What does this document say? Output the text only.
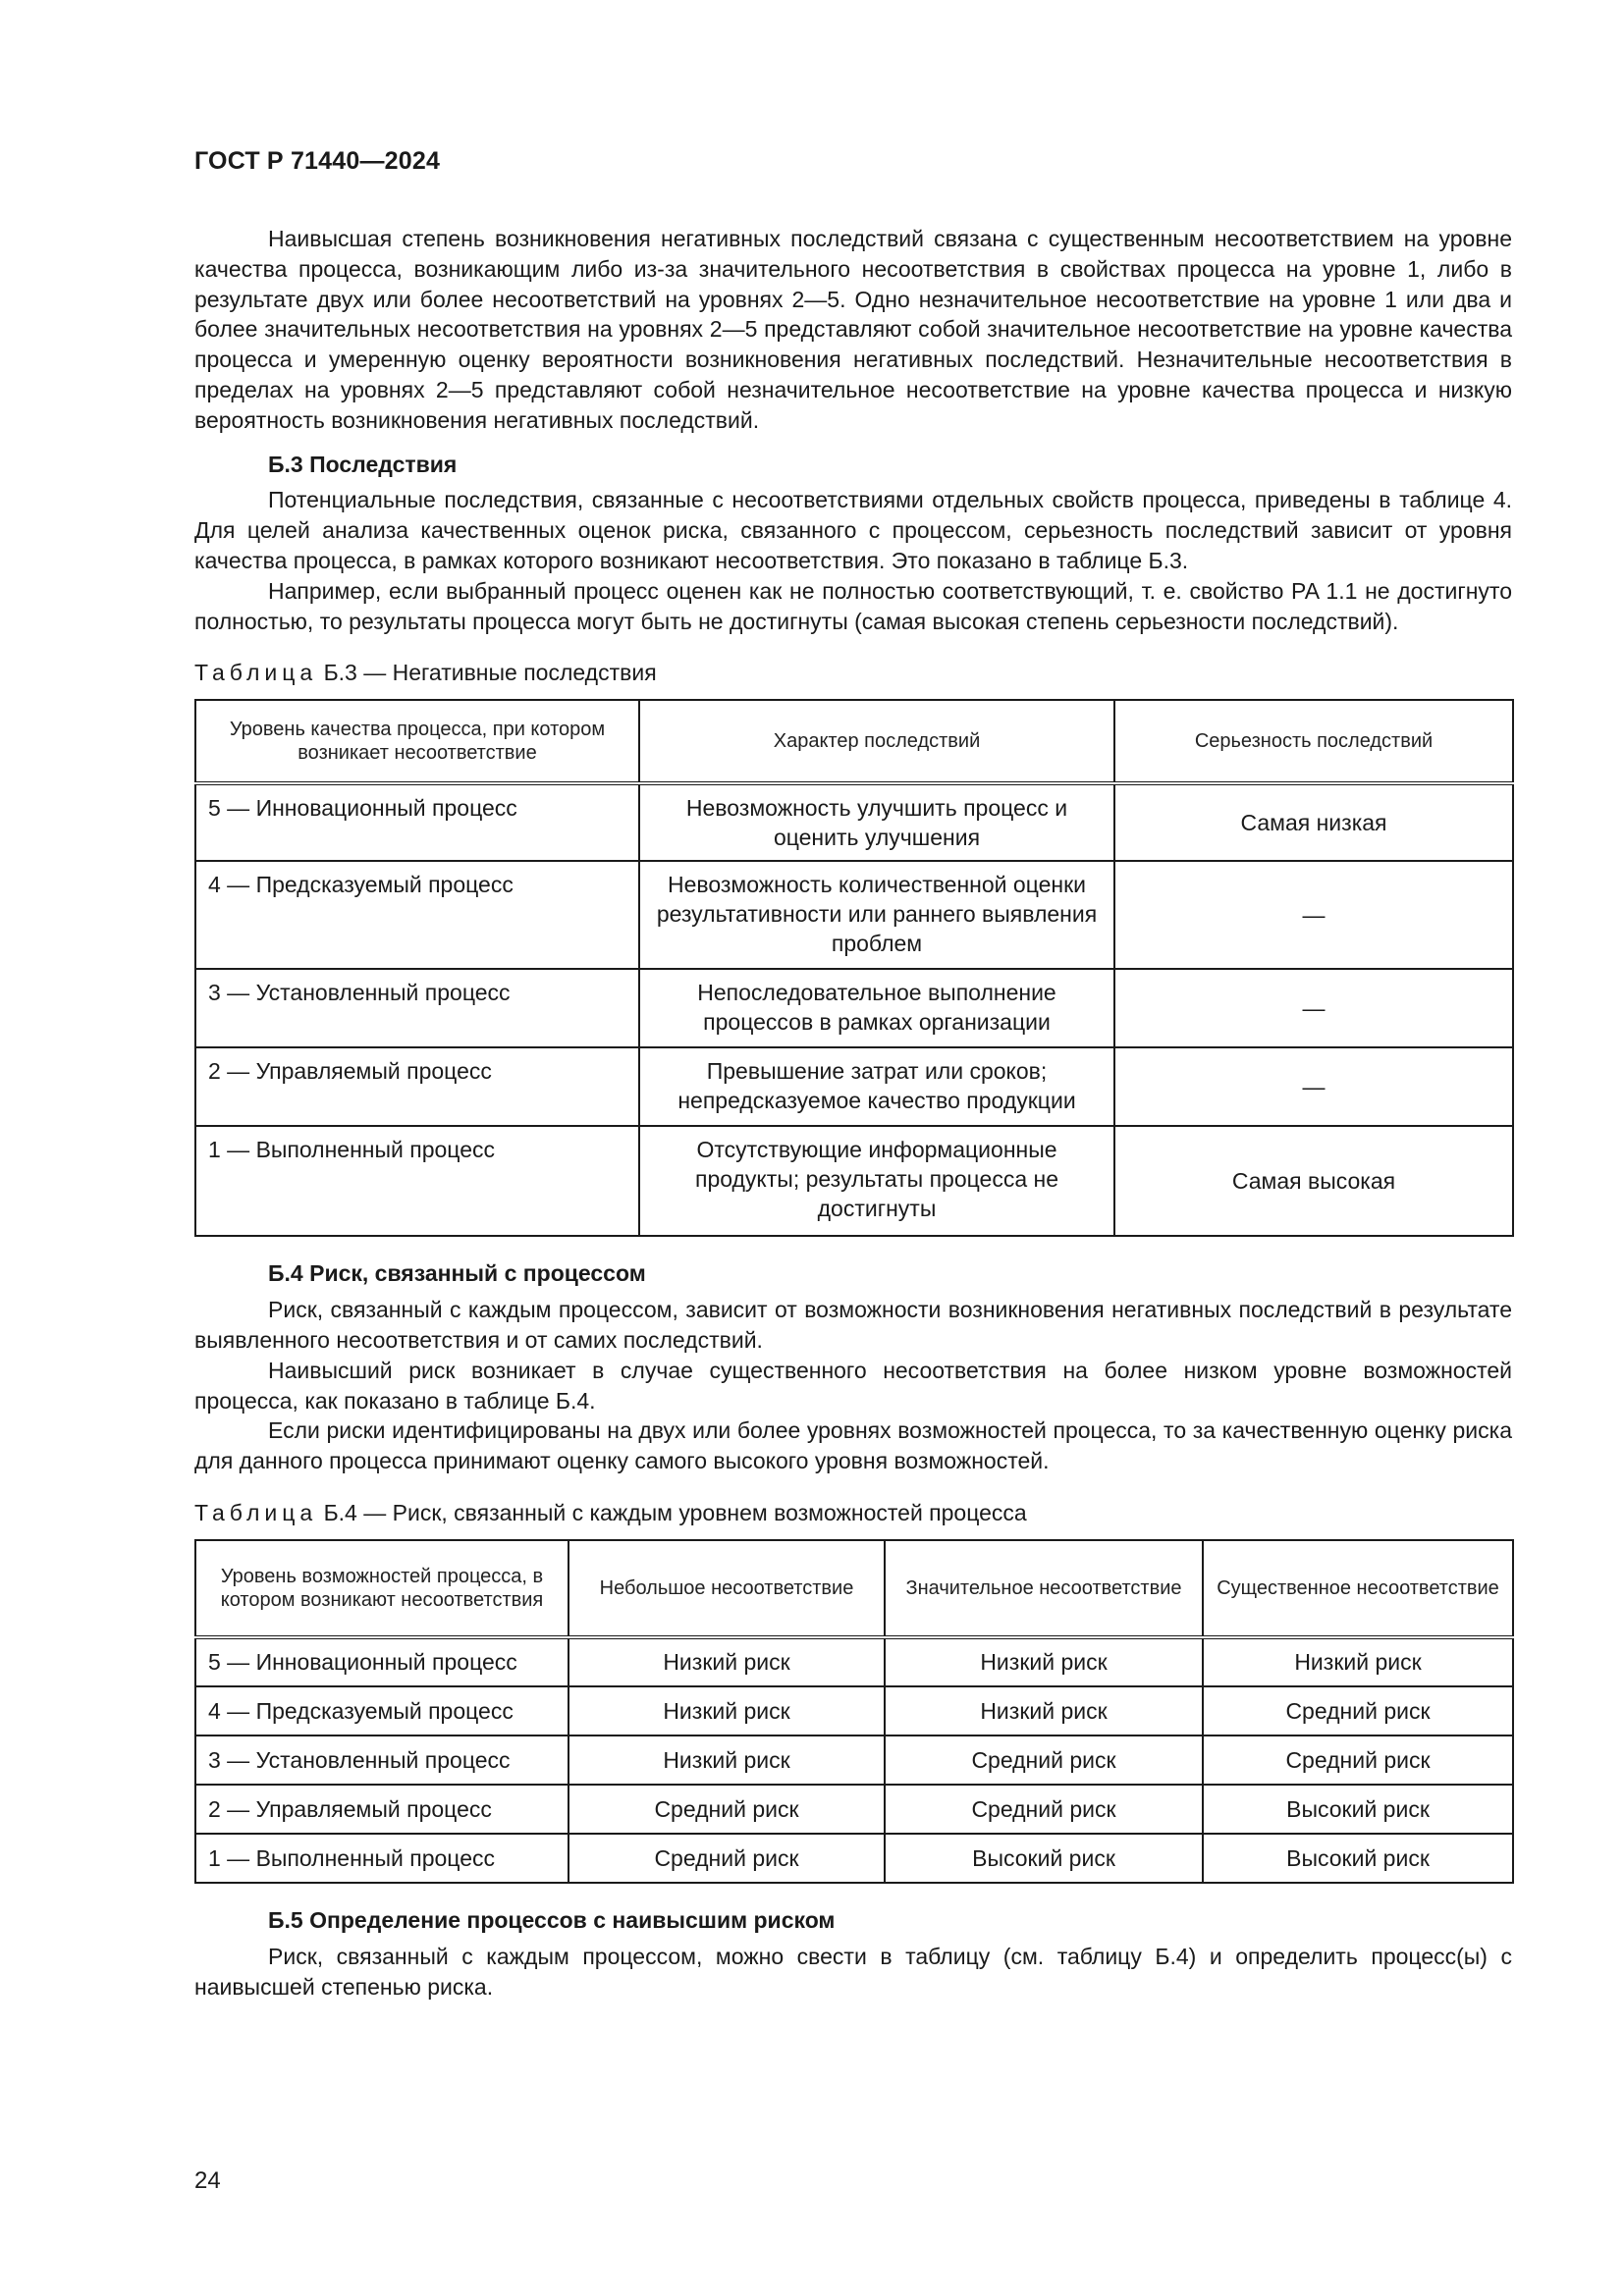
ГОСТ Р 71440—2024

Наивысшая степень возникновения негативных последствий связана с существенным несоответствием на уровне качества процесса, возникающим либо из-за значительного несоответствия в свойствах процесса на уровне 1, либо в результате двух или более несоответствий на уровнях 2—5. Одно незначительное несоответствие на уровне 1 или два и более значительных несоответствия на уровнях 2—5 представляют собой значительное несоответствие на уровне качества процесса и умеренную оценку вероятности возникновения негативных последствий. Незначительные несоответствия в пределах на уровнях 2—5 представляют собой незначительное несоответствие на уровне качества процесса и низкую вероятность возникновения негативных последствий.

Б.3 Последствия

Потенциальные последствия, связанные с несоответствиями отдельных свойств процесса, приведены в таблице 4. Для целей анализа качественных оценок риска, связанного с процессом, серьезность последствий зависит от уровня качества процесса, в рамках которого возникают несоответствия. Это показано в таблице Б.3.

Например, если выбранный процесс оценен как не полностью соответствующий, т. е. свойство PA 1.1 не достигнуто полностью, то результаты процесса могут быть не достигнуты (самая высокая степень серьезности последствий).

Таблица Б.3 — Негативные последствия
Уровень качества процесса, при котором возникает несоответствие	Характер последствий	Серьезность последствий
5 — Инновационный процесс	Невозможность улучшить процесс и оценить улучшения	Самая низкая
4 — Предсказуемый процесс	Невозможность количественной оценки результативности или раннего выявления проблем	—
3 — Установленный процесс	Непоследовательное выполнение процессов в рамках организации	—
2 — Управляемый процесс	Превышение затрат или сроков; непредсказуемое качество продукции	—
1 — Выполненный процесс	Отсутствующие информационные продукты; результаты процесса не достигнуты	Самая высокая
Б.4 Риск, связанный с процессом

Риск, связанный с каждым процессом, зависит от возможности возникновения негативных последствий в результате выявленного несоответствия и от самих последствий.

Наивысший риск возникает в случае существенного несоответствия на более низком уровне возможностей процесса, как показано в таблице Б.4.

Если риски идентифицированы на двух или более уровнях возможностей процесса, то за качественную оценку риска для данного процесса принимают оценку самого высокого уровня возможностей.

Таблица Б.4 — Риск, связанный с каждым уровнем возможностей процесса
Уровень возможностей процесса, в котором возникают несоответствия	Небольшое несоответствие	Значительное несоответствие	Существенное несоответствие
5 — Инновационный процесс	Низкий риск	Низкий риск	Низкий риск
4 — Предсказуемый процесс	Низкий риск	Низкий риск	Средний риск
3 — Установленный процесс	Низкий риск	Средний риск	Средний риск
2 — Управляемый процесс	Средний риск	Средний риск	Высокий риск
1 — Выполненный процесс	Средний риск	Высокий риск	Высокий риск
Б.5 Определение процессов с наивысшим риском

Риск, связанный с каждым процессом, можно свести в таблицу (см. таблицу Б.4) и определить процесс(ы) с наивысшей степенью риска.

24
